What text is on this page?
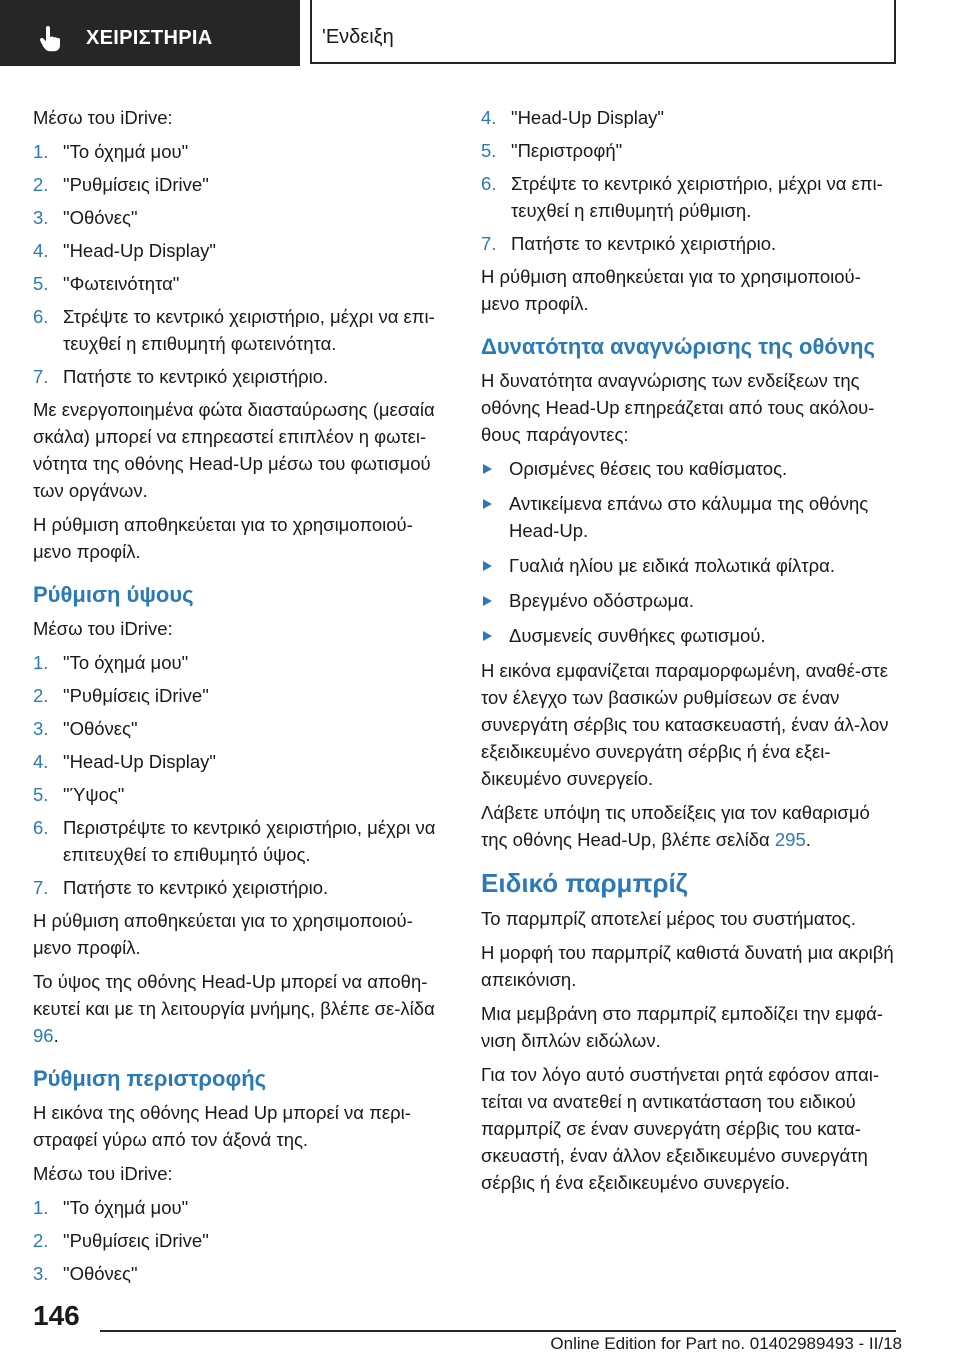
ΧΕΙΡΙΣΤΗΡΙΑ	'Ενδειξη

Μέσω του iDrive:

1. "Το όχημά μου"
2. "Ρυθμίσεις iDrive"
3. "Οθόνες"
4. "Head-Up Display"
5. "Φωτεινότητα"
6. Στρέψτε το κεντρικό χειριστήριο, μέχρι να επι-τευχθεί η επιθυμητή φωτεινότητα.
7. Πατήστε το κεντρικό χειριστήριο.

Με ενεργοποιημένα φώτα διασταύρωσης (μεσαία σκάλα) μπορεί να επηρεαστεί επιπλέον η φωτει-νότητα της οθόνης Head-Up μέσω του φωτισμού των οργάνων.

Η ρύθμιση αποθηκεύεται για το χρησιμοποιού-μενο προφίλ.

Ρύθμιση ύψους

Μέσω του iDrive:

1. "Το όχημά μου"
2. "Ρυθμίσεις iDrive"
3. "Οθόνες"
4. "Head-Up Display"
5. "Ύψος"
6. Περιστρέψτε το κεντρικό χειριστήριο, μέχρι να επιτευχθεί το επιθυμητό ύψος.
7. Πατήστε το κεντρικό χειριστήριο.

Η ρύθμιση αποθηκεύεται για το χρησιμοποιού-μενο προφίλ.

Το ύψος της οθόνης Head-Up μπορεί να αποθη-κευτεί και με τη λειτουργία μνήμης, βλέπε σε-λίδα 96.

Ρύθμιση περιστροφής

Η εικόνα της οθόνης Head Up μπορεί να περι-στραφεί γύρω από τον άξονά της.

Μέσω του iDrive:

1. "Το όχημά μου"
2. "Ρυθμίσεις iDrive"
3. "Οθόνες"
4. "Head-Up Display"
5. "Περιστροφή"
6. Στρέψτε το κεντρικό χειριστήριο, μέχρι να επι-τευχθεί η επιθυμητή ρύθμιση.
7. Πατήστε το κεντρικό χειριστήριο.

Η ρύθμιση αποθηκεύεται για το χρησιμοποιού-μενο προφίλ.

Δυνατότητα αναγνώρισης της οθόνης

Η δυνατότητα αναγνώρισης των ενδείξεων της οθόνης Head-Up επηρεάζεται από τους ακόλου-θους παράγοντες:

Ορισμένες θέσεις του καθίσματος.
Αντικείμενα επάνω στο κάλυμμα της οθόνης Head-Up.
Γυαλιά ηλίου με ειδικά πολωτικά φίλτρα.
Βρεγμένο οδόστρωμα.
Δυσμενείς συνθήκες φωτισμού.

Η εικόνα εμφανίζεται παραμορφωμένη, αναθέ-στε τον έλεγχο των βασικών ρυθμίσεων σε έναν συνεργάτη σέρβις του κατασκευαστή, έναν άλ-λον εξειδικευμένο συνεργάτη σέρβις ή ένα εξει-δικευμένο συνεργείο.

Λάβετε υπόψη τις υποδείξεις για τον καθαρισμό της οθόνης Head-Up, βλέπε σελίδα 295.

Ειδικό παρμπρίζ

Το παρμπρίζ αποτελεί μέρος του συστήματος.

Η μορφή του παρμπρίζ καθιστά δυνατή μια ακριβή απεικόνιση.

Μια μεμβράνη στο παρμπρίζ εμποδίζει την εμφά-νιση διπλών ειδώλων.

Για τον λόγο αυτό συστήνεται ρητά εφόσον απαι-τείται να ανατεθεί η αντικατάσταση του ειδικού παρμπρίζ σε έναν συνεργάτη σέρβις του κατα-σκευαστή, έναν άλλον εξειδικευμένο συνεργάτη σέρβις ή ένα εξειδικευμένο συνεργείο.

146
Online Edition for Part no. 01402989493 - II/18
